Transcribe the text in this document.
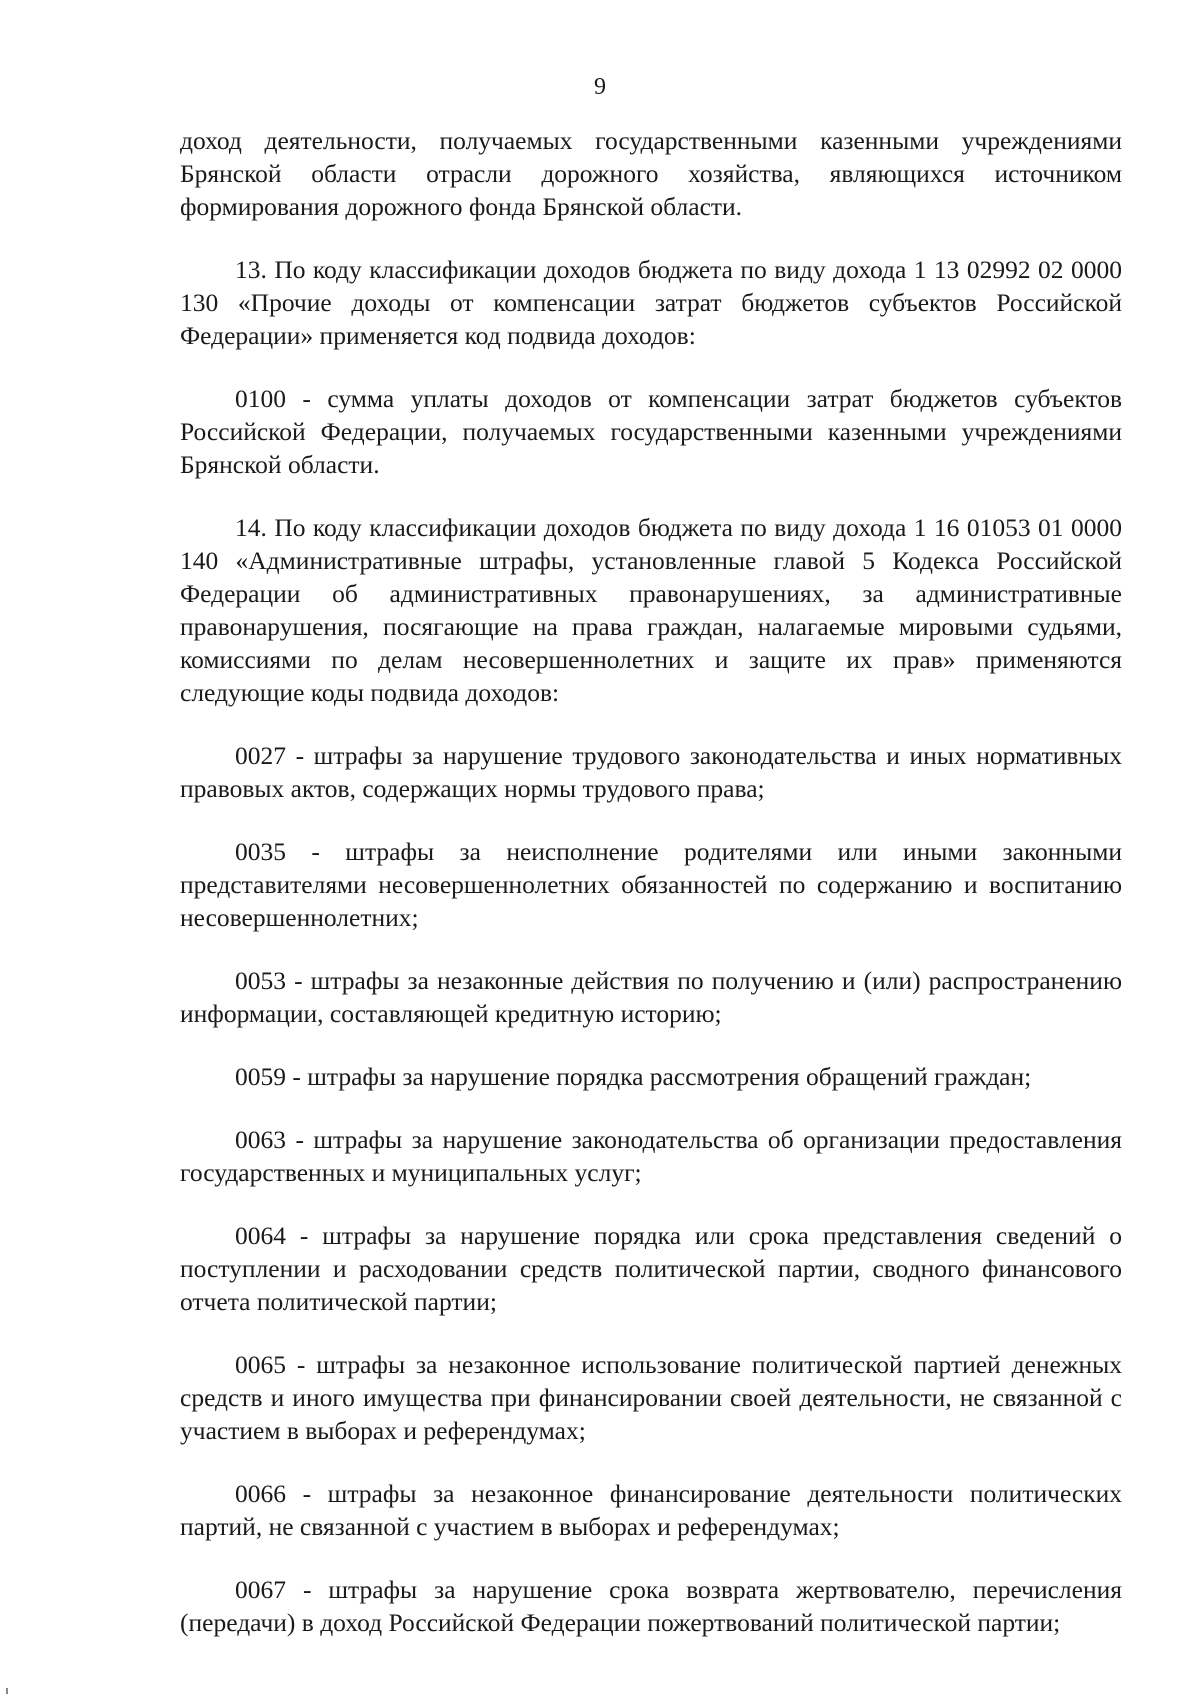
9

доход деятельности, получаемых государственными казенными учреждениями Брянской области отрасли дорожного хозяйства, являющихся источником формирования дорожного фонда Брянской области.

13. По коду классификации доходов бюджета по виду дохода 1 13 02992 02 0000 130 «Прочие доходы от компенсации затрат бюджетов субъектов Российской Федерации» применяется код подвида доходов:

0100 - сумма уплаты доходов от компенсации затрат бюджетов субъектов Российской Федерации, получаемых государственными казенными учреждениями Брянской области.

14. По коду классификации доходов бюджета по виду дохода 1 16 01053 01 0000 140 «Административные штрафы, установленные главой 5 Кодекса Российской Федерации об административных правонарушениях, за административные правонарушения, посягающие на права граждан, налагаемые мировыми судьями, комиссиями по делам несовершеннолетних и защите их прав» применяются следующие коды подвида доходов:

0027 - штрафы за нарушение трудового законодательства и иных нормативных правовых актов, содержащих нормы трудового права;

0035 - штрафы за неисполнение родителями или иными законными представителями несовершеннолетних обязанностей по содержанию и воспитанию несовершеннолетних;

0053 - штрафы за незаконные действия по получению и (или) распространению информации, составляющей кредитную историю;

0059 - штрафы за нарушение порядка рассмотрения обращений граждан;

0063 - штрафы за нарушение законодательства об организации предоставления государственных и муниципальных услуг;

0064 - штрафы за нарушение порядка или срока представления сведений о поступлении и расходовании средств политической партии, сводного финансового отчета политической партии;

0065 - штрафы за незаконное использование политической партией денежных средств и иного имущества при финансировании своей деятельности, не связанной с участием в выборах и референдумах;

0066 - штрафы за незаконное финансирование деятельности политических партий, не связанной с участием в выборах и референдумах;

0067 - штрафы за нарушение срока возврата жертвователю, перечисления (передачи) в доход Российской Федерации пожертвований политической партии;
